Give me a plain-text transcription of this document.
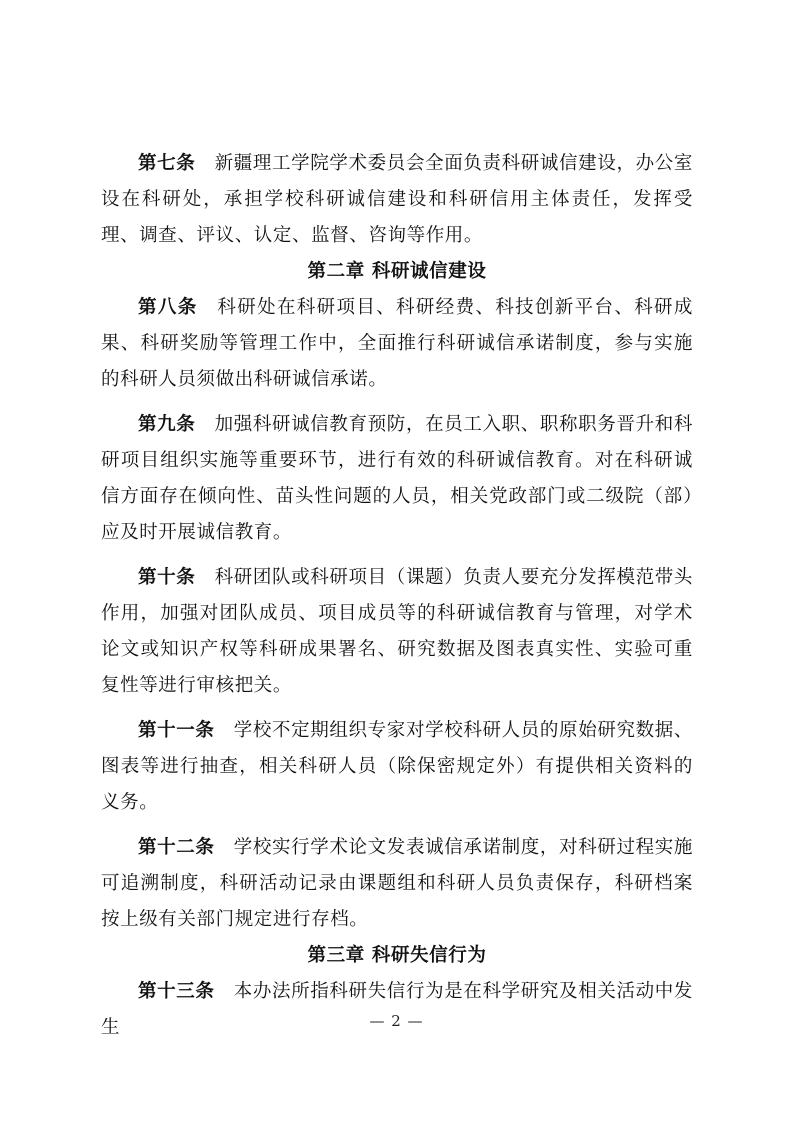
第七条　 新疆理工学院学术委员会全面负责科研诚信建设，办公室设在科研处，承担学校科研诚信建设和科研信用主体责任，发挥受理、调查、评议、认定、监督、咨询等作用。

第二章 科研诚信建设

第八条　 科研处在科研项目、科研经费、科技创新平台、科研成果、科研奖励等管理工作中，全面推行科研诚信承诺制度，参与实施的科研人员须做出科研诚信承诺。

第九条　 加强科研诚信教育预防，在员工入职、职称职务晋升和科研项目组织实施等重要环节，进行有效的科研诚信教育。对在科研诚信方面存在倾向性、苗头性问题的人员，相关党政部门或二级院（部）应及时开展诚信教育。

第十条　 科研团队或科研项目（课题）负责人要充分发挥模范带头作用，加强对团队成员、项目成员等的科研诚信教育与管理，对学术论文或知识产权等科研成果署名、研究数据及图表真实性、实验可重复性等进行审核把关。

第十一条　 学校不定期组织专家对学校科研人员的原始研究数据、图表等进行抽查，相关科研人员（除保密规定外）有提供相关资料的义务。

第十二条　 学校实行学术论文发表诚信承诺制度，对科研过程实施可追溯制度，科研活动记录由课题组和科研人员负责保存，科研档案按上级有关部门规定进行存档。

第三章 科研失信行为

第十三条　 本办法所指科研失信行为是在科学研究及相关活动中发生	— 2 —
